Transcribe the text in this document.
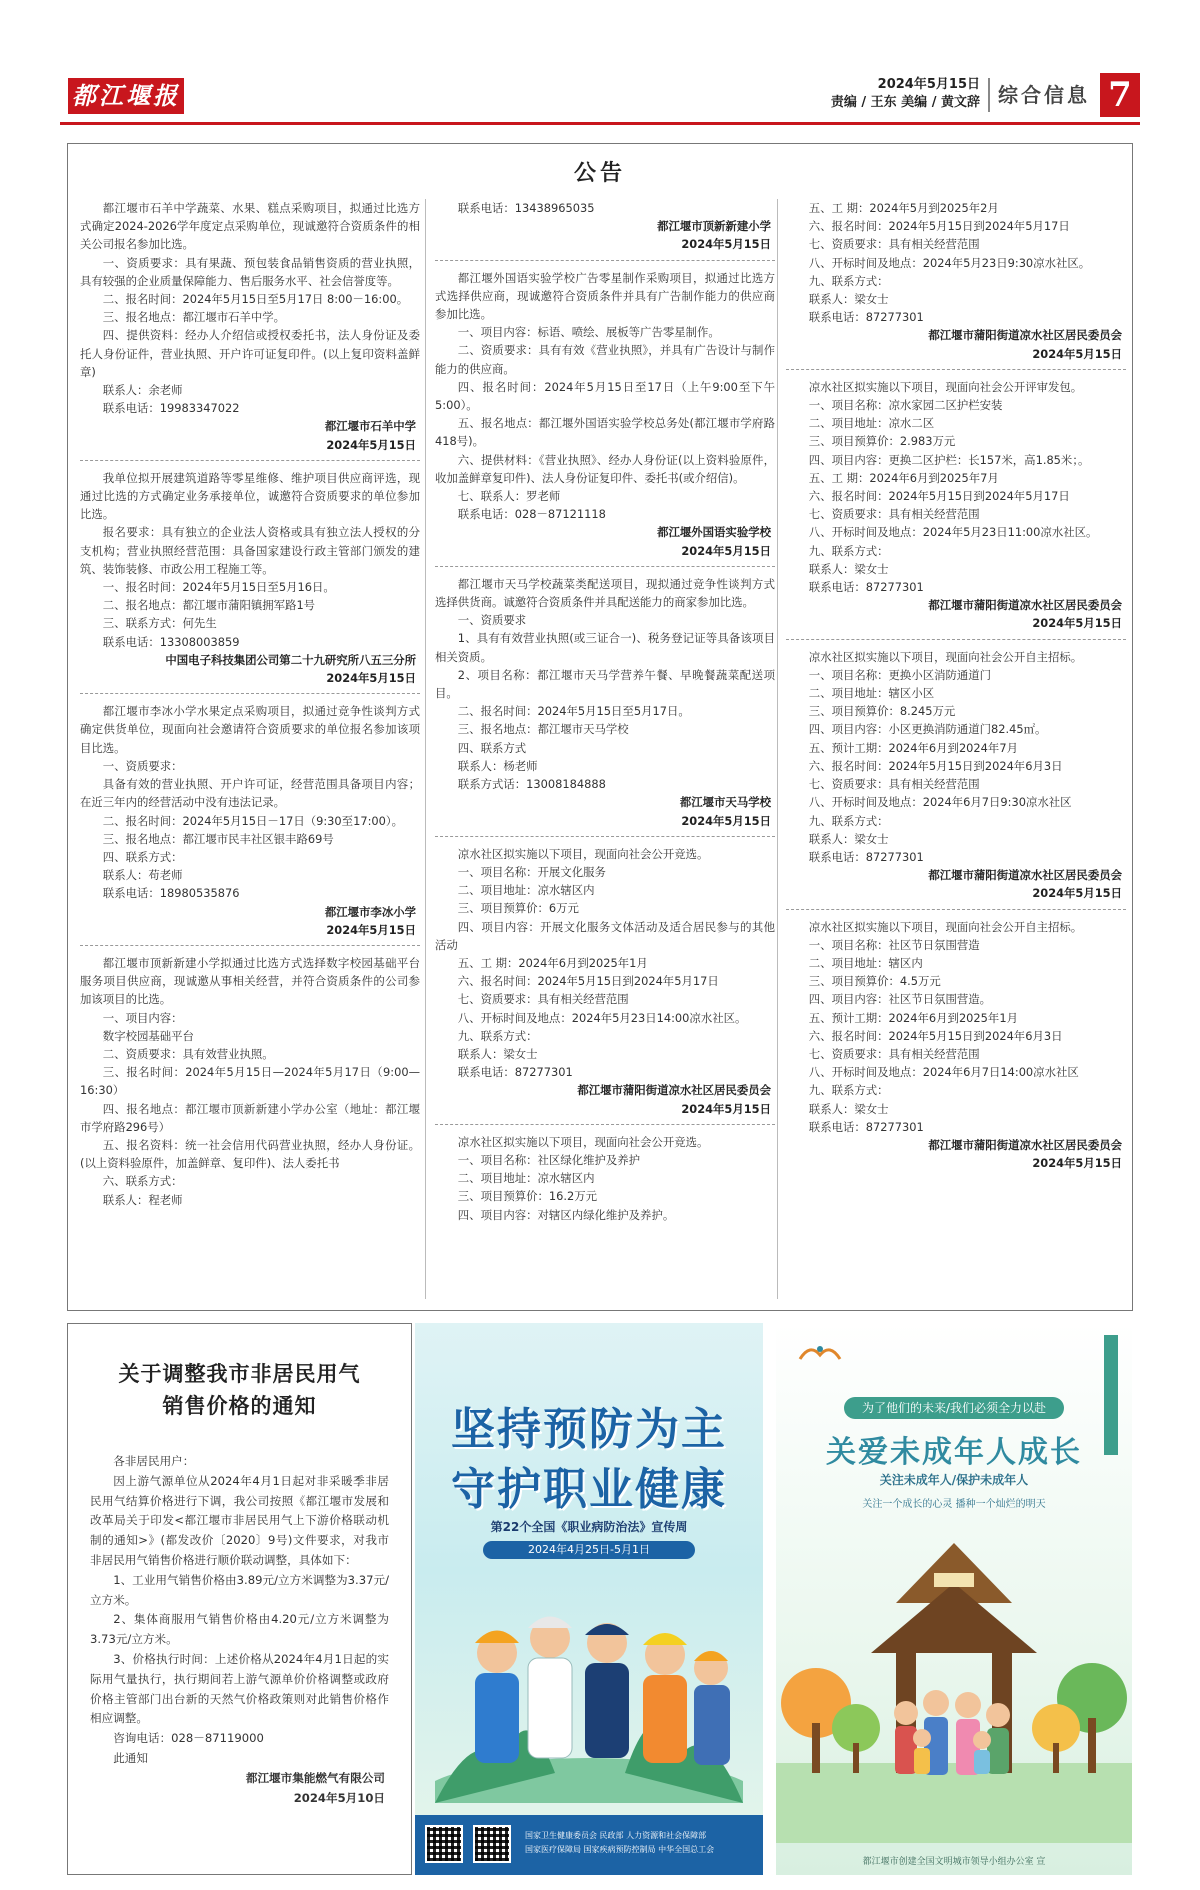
都江堰报	2024年5月15日
责编 / 王东 美编 / 黄文辞 综合信息 7
公告

都江堰市石羊中学蔬菜、水果、糕点采购项目，拟通过比选方式确定2024-2026学年度定点采购单位，现诚邀符合资质条件的相关公司报名参加比选。

一、资质要求：具有果蔬、预包装食品销售资质的营业执照，具有较强的企业质量保障能力、售后服务水平、社会信誉度等。

二、报名时间：2024年5月15日至5月17日 8:00－16:00。

三、报名地点：都江堰市石羊中学。

四、提供资料：经办人介绍信或授权委托书，法人身份证及委托人身份证件，营业执照、开户许可证复印件。(以上复印资料盖鲜章)

联系人：余老师

联系电话：19983347022

都江堰市石羊中学

2024年5月15日

我单位拟开展建筑道路等零星维修、维护项目供应商评选，现通过比选的方式确定业务承接单位，诚邀符合资质要求的单位参加比选。

报名要求：具有独立的企业法人资格或具有独立法人授权的分支机构；营业执照经营范围：具备国家建设行政主管部门颁发的建筑、装饰装修、市政公用工程施工等。

一、报名时间：2024年5月15日至5月16日。

二、报名地点：都江堰市蒲阳镇拥军路1号

三、联系方式：何先生

联系电话：13308003859

中国电子科技集团公司第二十九研究所八五三分所

2024年5月15日

都江堰市李冰小学水果定点采购项目，拟通过竞争性谈判方式确定供货单位，现面向社会邀请符合资质要求的单位报名参加该项目比选。

一、资质要求：

具备有效的营业执照、开户许可证，经营范围具备项目内容；在近三年内的经营活动中没有违法记录。

二、报名时间：2024年5月15日－17日（9:30至17:00）。

三、报名地点：都江堰市民丰社区银丰路69号

四、联系方式：

联系人：苟老师

联系电话：18980535876

都江堰市李冰小学

2024年5月15日

都江堰市顶新新建小学拟通过比选方式选择数字校园基础平台服务项目供应商，现诚邀从事相关经营，并符合资质条件的公司参加该项目的比选。

一、项目内容：

数字校园基础平台

二、资质要求：具有效营业执照。

三、报名时间：2024年5月15日—2024年5月17日（9:00—16:30）

四、报名地点：都江堰市顶新新建小学办公室（地址：都江堰市学府路296号）

五、报名资料：统一社会信用代码营业执照，经办人身份证。(以上资料验原件，加盖鲜章、复印件)、法人委托书

六、联系方式：

联系人：程老师

联系电话：13438965035

都江堰市顶新新建小学

2024年5月15日

都江堰外国语实验学校广告零星制作采购项目，拟通过比选方式选择供应商，现诚邀符合资质条件并具有广告制作能力的供应商参加比选。

一、项目内容：标语、喷绘、展板等广告零星制作。

二、资质要求：具有有效《营业执照》，并具有广告设计与制作能力的供应商。

四、报名时间：2024年5月15日至17日（上午9:00至下午5:00）。

五、报名地点：都江堰外国语实验学校总务处(都江堰市学府路418号)。

六、提供材料：《营业执照》、经办人身份证(以上资料验原件，收加盖鲜章复印件)、法人身份证复印件、委托书(或介绍信)。

七、联系人：罗老师

联系电话：028－87121118

都江堰外国语实验学校

2024年5月15日

都江堰市天马学校蔬菜类配送项目，现拟通过竞争性谈判方式选择供货商。诚邀符合资质条件并具配送能力的商家参加比选。

一、资质要求

1、具有有效营业执照(或三证合一)、税务登记证等具备该项目相关资质。

2、项目名称：都江堰市天马学营养午餐、早晚餐蔬菜配送项目。

二、报名时间：2024年5月15日至5月17日。

三、报名地点：都江堰市天马学校

四、联系方式

联系人：杨老师

联系方式话：13008184888

都江堰市天马学校

2024年5月15日

凉水社区拟实施以下项目，现面向社会公开竞选。

一、项目名称：开展文化服务

二、项目地址：凉水辖区内

三、项目预算价：6万元

四、项目内容：开展文化服务文体活动及适合居民参与的其他活动

五、工 期：2024年6月到2025年1月

六、报名时间：2024年5月15日到2024年5月17日

七、资质要求：具有相关经营范围

八、开标时间及地点：2024年5月23日14:00凉水社区。

九、联系方式：

联系人：梁女士

联系电话：87277301

都江堰市蒲阳街道凉水社区居民委员会

2024年5月15日

凉水社区拟实施以下项目，现面向社会公开竞选。

一、项目名称：社区绿化维护及养护

二、项目地址：凉水辖区内

三、项目预算价：16.2万元

四、项目内容：对辖区内绿化维护及养护。

五、工 期：2024年5月到2025年2月

六、报名时间：2024年5月15日到2024年5月17日

七、资质要求：具有相关经营范围

八、开标时间及地点：2024年5月23日9:30凉水社区。

九、联系方式：

联系人：梁女士

联系电话：87277301

都江堰市蒲阳街道凉水社区居民委员会

2024年5月15日

凉水社区拟实施以下项目，现面向社会公开评审发包。

一、项目名称：凉水家园二区护栏安装

二、项目地址：凉水二区

三、项目预算价：2.983万元

四、项目内容：更换二区护栏：长157米，高1.85米；。

五、工 期：2024年6月到2025年7月

六、报名时间：2024年5月15日到2024年5月17日

七、资质要求：具有相关经营范围

八、开标时间及地点：2024年5月23日11:00凉水社区。

九、联系方式：

联系人：梁女士

联系电话：87277301

都江堰市蒲阳街道凉水社区居民委员会

2024年5月15日

凉水社区拟实施以下项目，现面向社会公开自主招标。

一、项目名称：更换小区消防通道门

二、项目地址：辖区小区

三、项目预算价：8.245万元

四、项目内容：小区更换消防通道门82.45㎡。

五、预计工期：2024年6月到2024年7月

六、报名时间：2024年5月15日到2024年6月3日

七、资质要求：具有相关经营范围

八、开标时间及地点：2024年6月7日9:30凉水社区

九、联系方式：

联系人：梁女士

联系电话：87277301

都江堰市蒲阳街道凉水社区居民委员会

2024年5月15日

凉水社区拟实施以下项目，现面向社会公开自主招标。

一、项目名称：社区节日氛围营造

二、项目地址：辖区内

三、项目预算价：4.5万元

四、项目内容：社区节日氛围营造。

五、预计工期：2024年6月到2025年1月

六、报名时间：2024年5月15日到2024年6月3日

七、资质要求：具有相关经营范围

八、开标时间及地点：2024年6月7日14:00凉水社区

九、联系方式：

联系人：梁女士

联系电话：87277301

都江堰市蒲阳街道凉水社区居民委员会

2024年5月15日

关于调整我市非居民用气
销售价格的通知

各非居民用户：

因上游气源单位从2024年4月1日起对非采暖季非居民用气结算价格进行下调，我公司按照《都江堰市发展和改革局关于印发<都江堰市非居民用气上下游价格联动机制的通知>》(都发改价〔2020〕9号)文件要求，对我市非居民用气销售价格进行顺价联动调整，具体如下：

1、工业用气销售价格由3.89元/立方米调整为3.37元/立方米。

2、集体商服用气销售价格由4.20元/立方米调整为3.73元/立方米。

3、价格执行时间：上述价格从2024年4月1日起的实际用气量执行，执行期间若上游气源单价价格调整或政府价格主管部门出台新的天然气价格政策则对此销售价格作相应调整。

咨询电话：028－87119000

此通知

都江堰市集能燃气有限公司

2024年5月10日

坚持预防为主
守护职业健康
第22个全国《职业病防治法》宣传周
2024年4月25日-5月1日
国家卫生健康委员会 民政部 人力资源和社会保障部
国家医疗保障局 国家疾病预防控制局 中华全国总工会
为了他们的未来/我们必须全力以赴
关爱未成年人成长
关注未成年人/保护未成年人
关注一个成长的心灵 播种一个灿烂的明天
都江堰市创建全国文明城市领导小组办公室 宣
